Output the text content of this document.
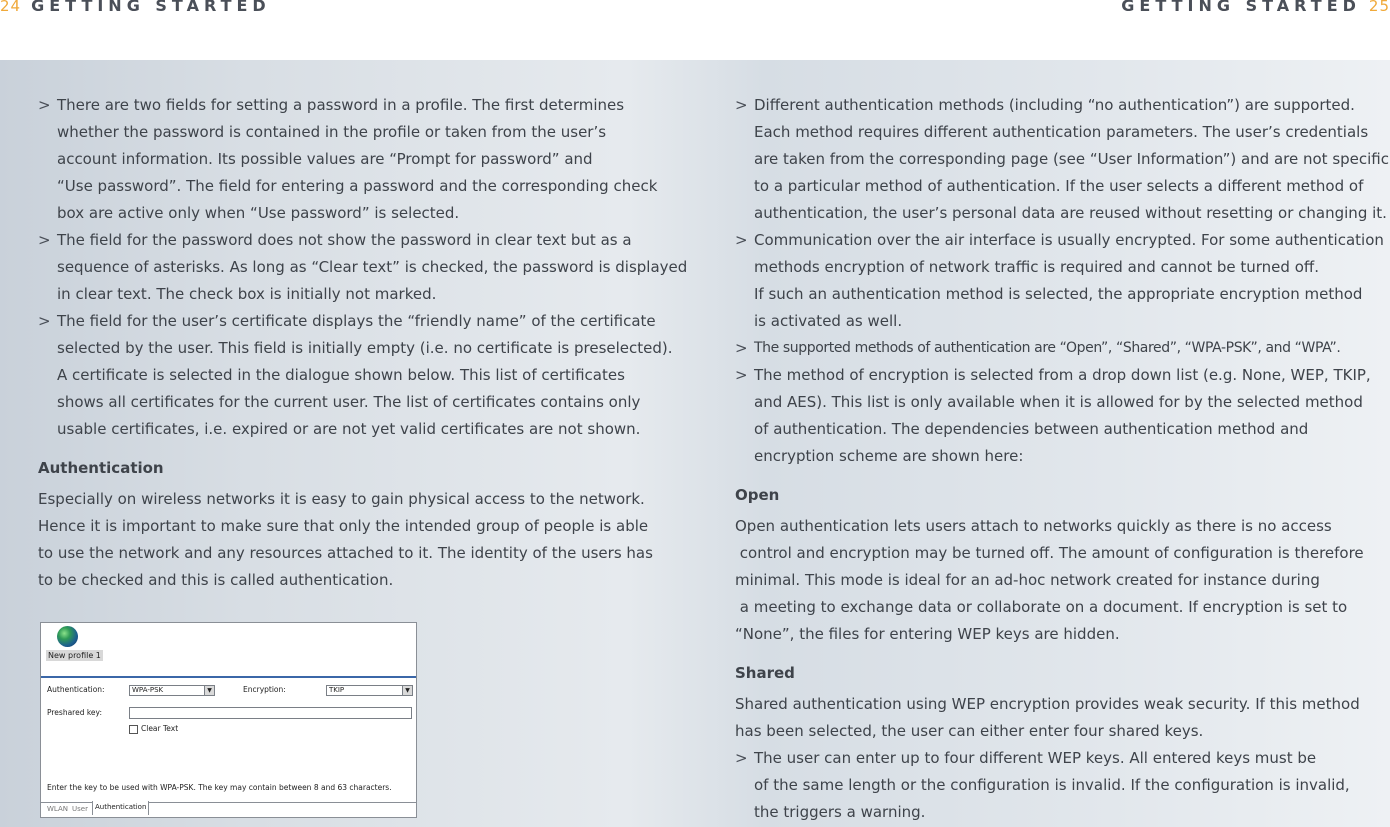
24 GETTING STARTED	GETTING STARTED 25
> There are two fields for setting a password in a profile. The first determines
whether the password is contained in the profile or taken from the user’s
account information. Its possible values are “Prompt for password” and
“Use password”. The field for entering a password and the corresponding check
box are active only when “Use password” is selected.
> The field for the password does not show the password in clear text but as a
sequence of asterisks. As long as “Clear text” is checked, the password is displayed
in clear text. The check box is initially not marked.
> The field for the user’s certificate displays the “friendly name” of the certificate
selected by the user. This field is initially empty (i.e. no certificate is preselected).
A certificate is selected in the dialogue shown below. This list of certificates
shows all certificates for the current user. The list of certificates contains only
usable certificates, i.e. expired or are not yet valid certificates are not shown.
Authentication
Especially on wireless networks it is easy to gain physical access to the network.
Hence it is important to make sure that only the intended group of people is able
to use the network and any resources attached to it. The identity of the users has
to be checked and this is called authentication.
New profile 1
Authentication:	WPA-PSK	▼	Encryption:	TKIP	▼
Preshared key:
Clear Text
Enter the key to be used with WPA-PSK. The key may contain between 8 and 63 characters.
WLAN User	Authentication
> Different authentication methods (including “no authentication”) are supported.
Each method requires different authentication parameters. The user’s credentials
are taken from the corresponding page (see “User Information”) and are not specific
to a particular method of authentication. If the user selects a different method of
authentication, the user’s personal data are reused without resetting or changing it.
> Communication over the air interface is usually encrypted. For some authentication
methods encryption of network traffic is required and cannot be turned off.
If such an authentication method is selected, the appropriate encryption method
is activated as well.
> The supported methods of authentication are “Open”, “Shared”, “WPA-PSK”, and “WPA”.
> The method of encryption is selected from a drop down list (e.g. None, WEP, TKIP,
and AES). This list is only available when it is allowed for by the selected method
of authentication. The dependencies between authentication method and
encryption scheme are shown here:
Open
Open authentication lets users attach to networks quickly as there is no access
control and encryption may be turned off. The amount of configuration is therefore
minimal. This mode is ideal for an ad-hoc network created for instance during
a meeting to exchange data or collaborate on a document. If encryption is set to
“None”, the files for entering WEP keys are hidden.
Shared
Shared authentication using WEP encryption provides weak security. If this method
has been selected, the user can either enter four shared keys.
> The user can enter up to four different WEP keys. All entered keys must be
of the same length or the configuration is invalid. If the configuration is invalid,
the triggers a warning.
